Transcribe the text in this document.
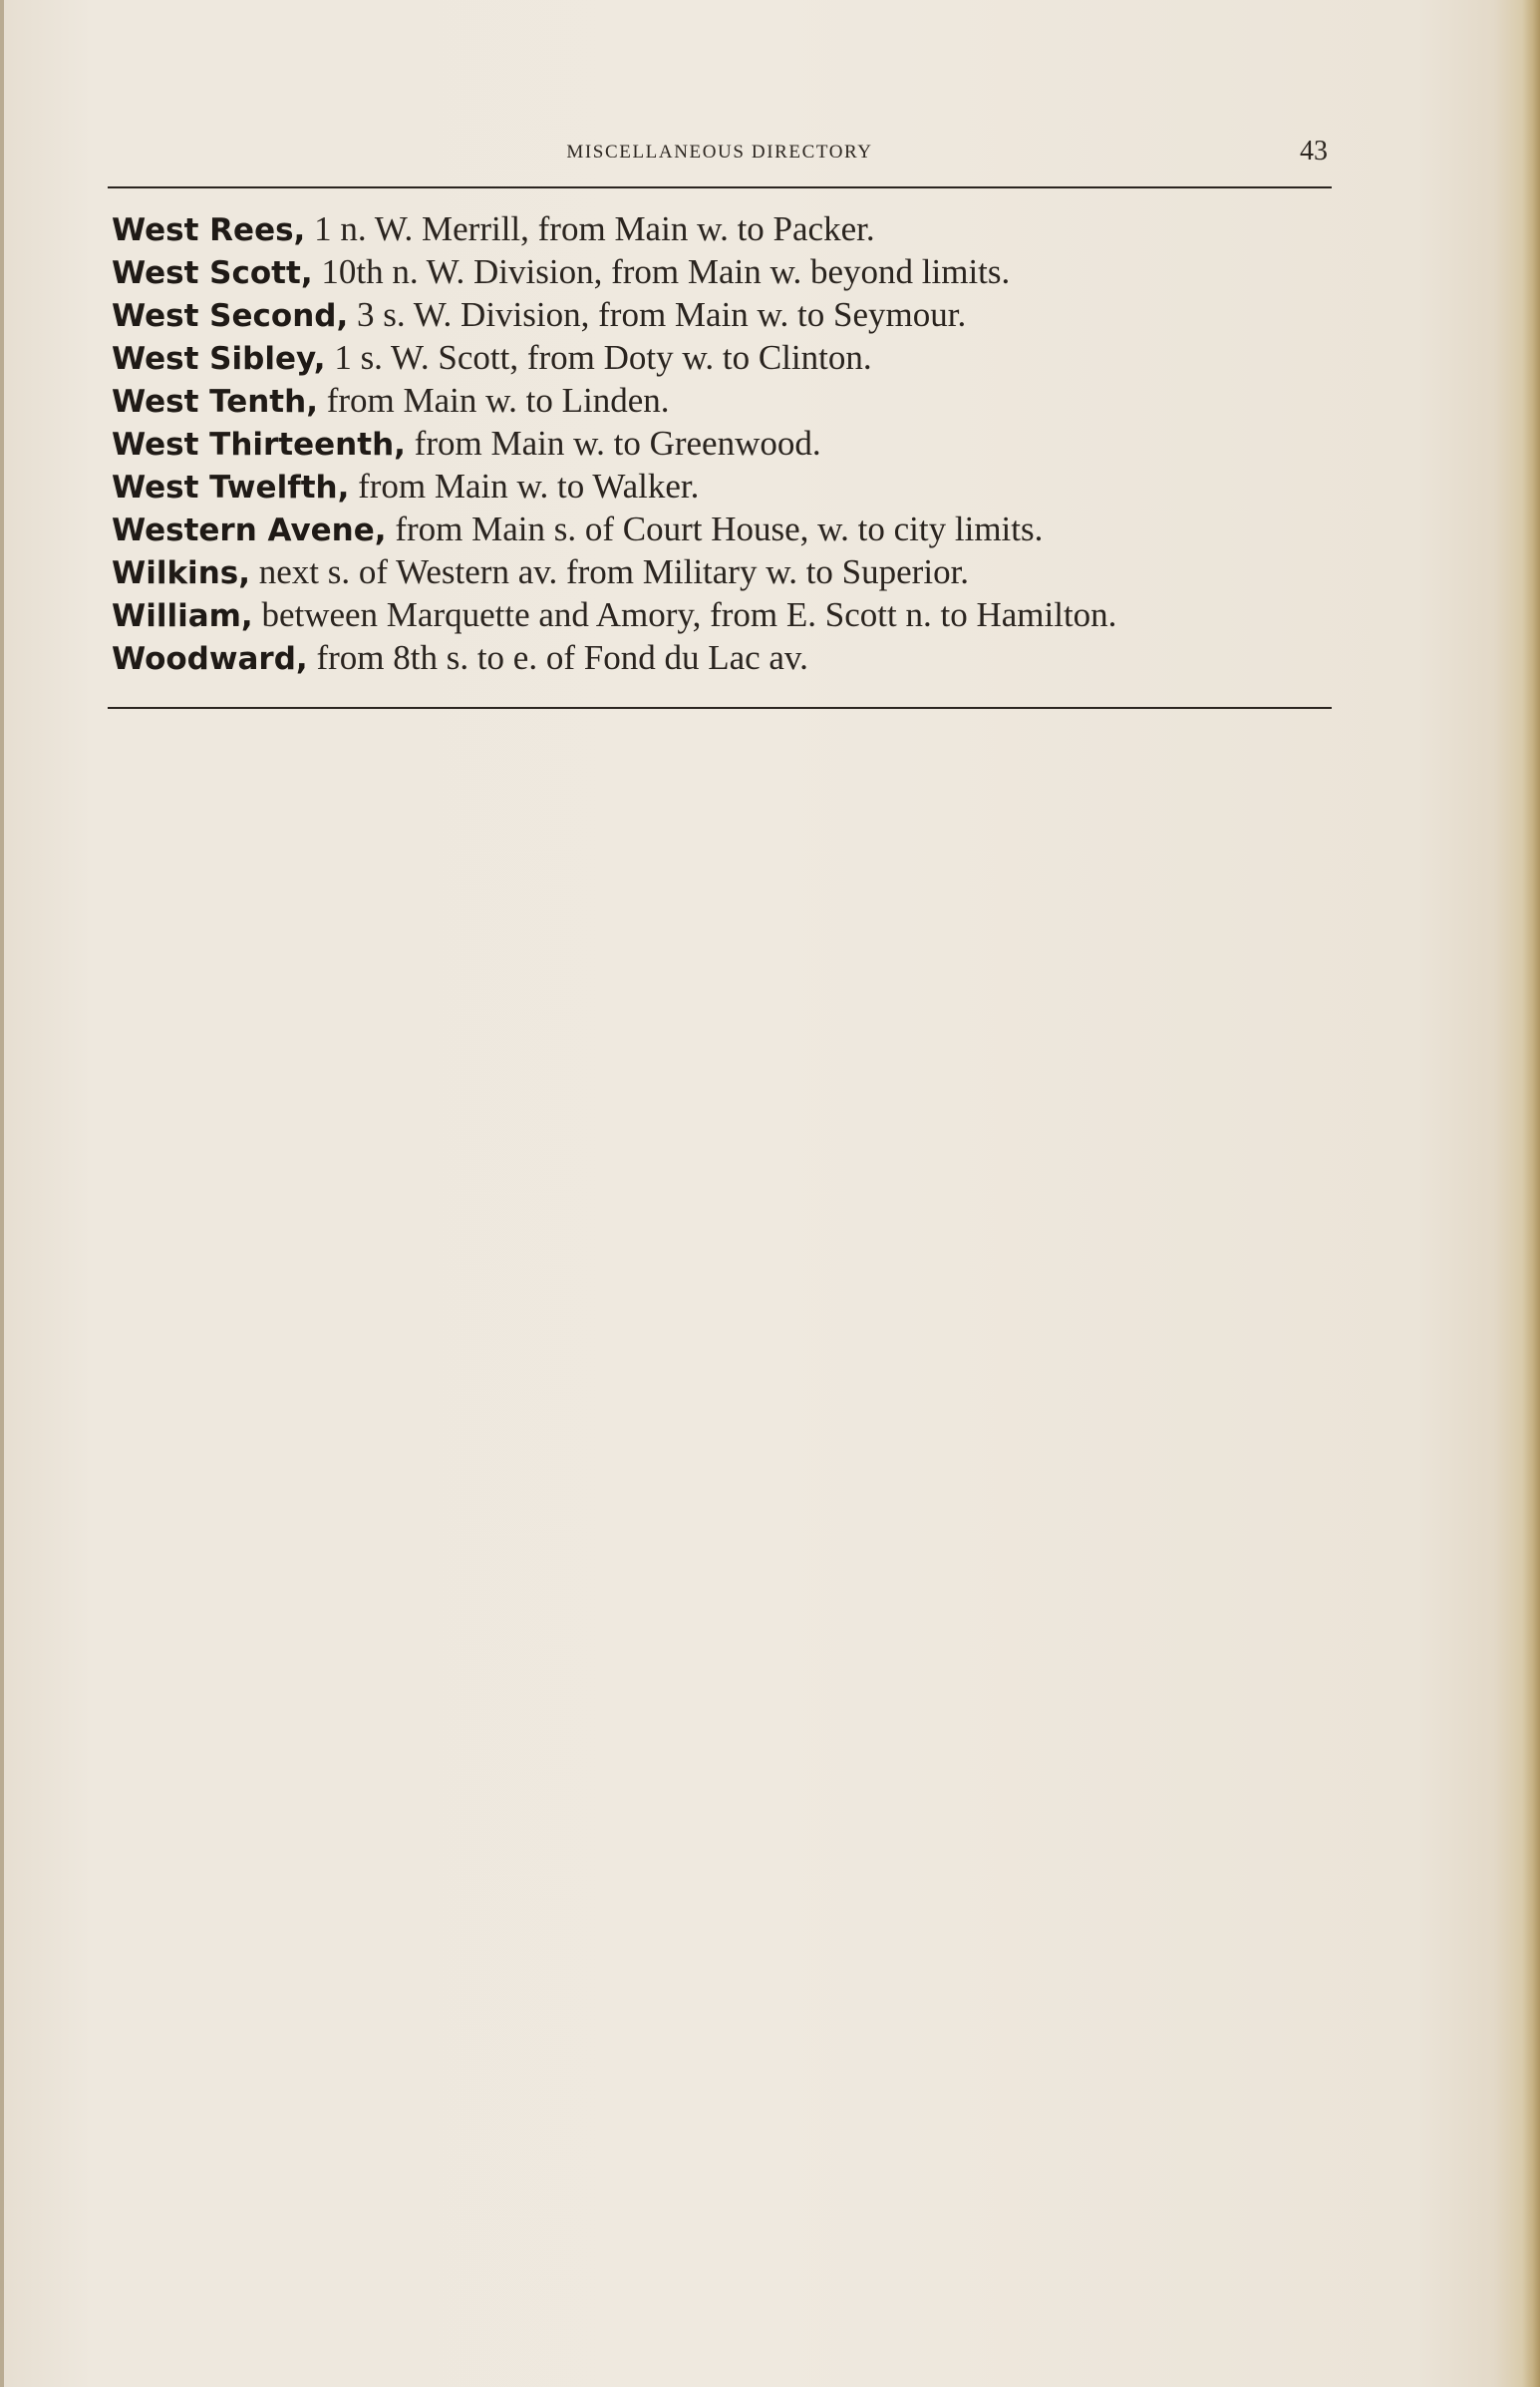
MISCELLANEOUS DIRECTORY	43
West Rees, 1 n. W. Merrill, from Main w. to Packer.
West Scott, 10th n. W. Division, from Main w. beyond limits.
West Second, 3 s. W. Division, from Main w. to Seymour.
West Sibley, 1 s. W. Scott, from Doty w. to Clinton.
West Tenth, from Main w. to Linden.
West Thirteenth, from Main w. to Greenwood.
West Twelfth, from Main w. to Walker.
Western Avene, from Main s. of Court House, w. to city limits.
Wilkins, next s. of Western av. from Military w. to Superior.
William, between Marquette and Amory, from E. Scott n. to Hamilton.
Woodward, from 8th s. to e. of Fond du Lac av.
